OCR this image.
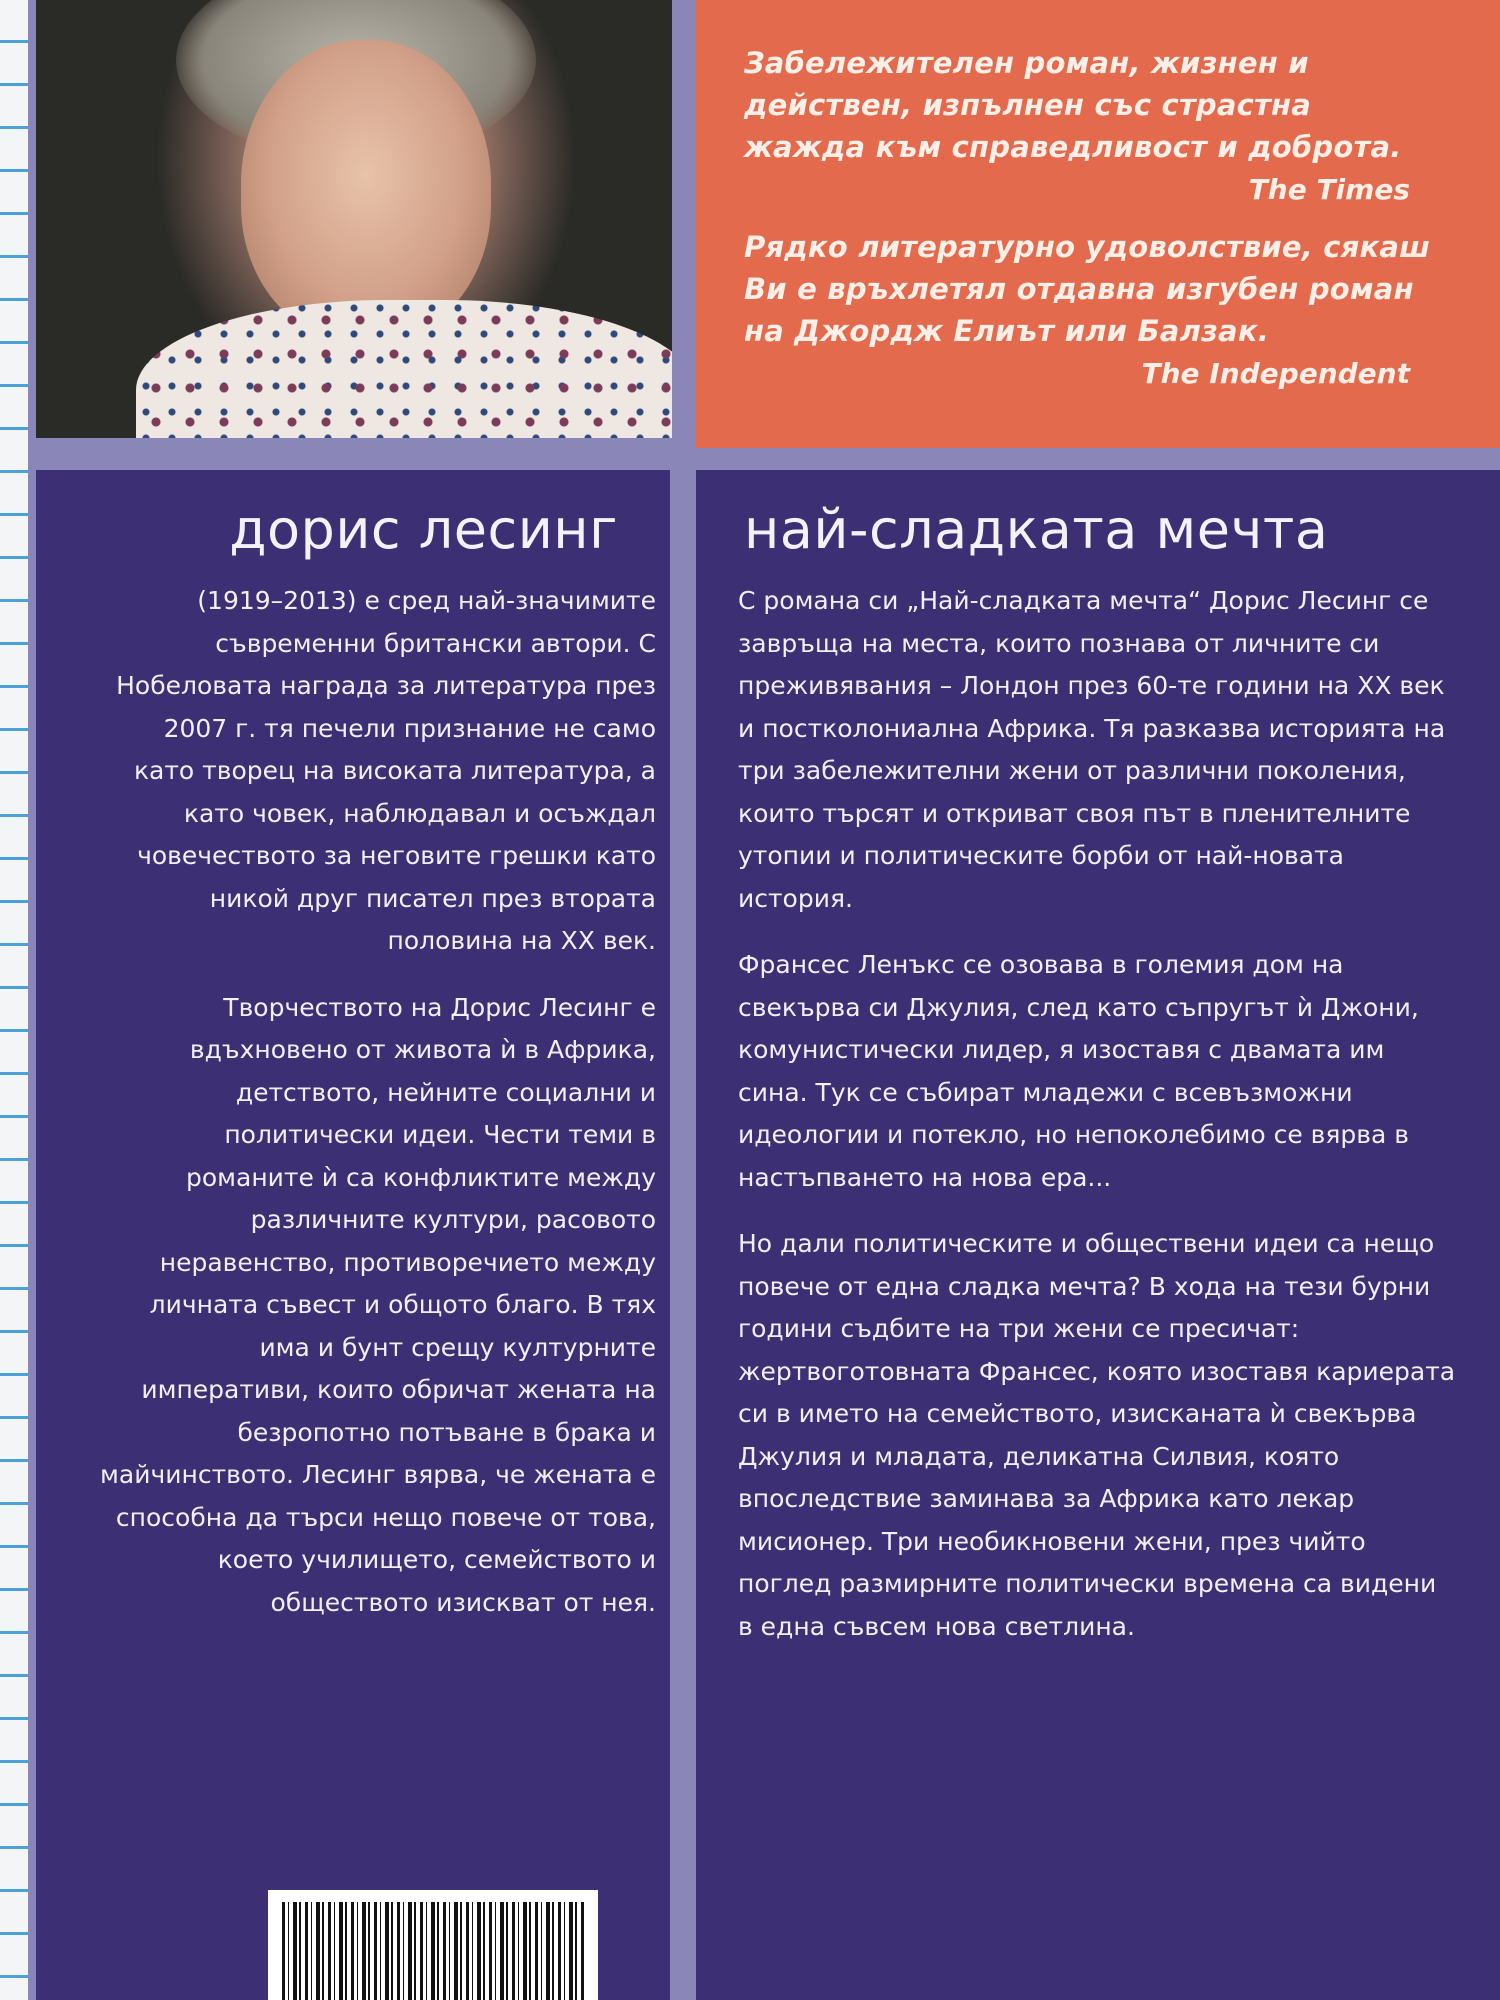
Забележителен роман, жизнен и действен, изпълнен със страстна жажда към справедливост и доброта.
The Times
Рядко литературно удоволствие, сякаш Ви е връхлетял отдавна изгубен роман на Джордж Елиът или Балзак.
The Independent
дорис лесинг

(1919–2013) е сред най-значимите съвременни британски автори. С Нобеловата награда за литература през 2007 г. тя печели признание не само като творец на високата литература, а като човек, наблюдавал и осъждал човечеството за неговите грешки като никой друг писател през втората половина на XX век.

Творчеството на Дорис Лесинг е вдъхновено от живота ѝ в Африка, детството, нейните социални и политически идеи. Чести теми в романите ѝ са конфликтите между различните култури, расовото неравенство, противоречието между личната съвест и общото благо. В тях има и бунт срещу културните императиви, които обричат жената на безропотно потъване в брака и майчинството. Лесинг вярва, че жената е способна да търси нещо повече от това, което училището, семейството и обществото изискват от нея.

най-сладката мечта

С романа си „Най-сладката мечта“ Дорис Лесинг се завръща на места, които познава от личните си преживявания – Лондон през 60-те години на XX век и постколониална Африка. Тя разказва историята на три забележителни жени от различни поколения, които търсят и откриват своя път в пленителните утопии и политическите борби от най-новата история.

Франсес Ленъкс се озовава в големия дом на свекърва си Джулия, след като съпругът ѝ Джони, комунистически лидер, я изоставя с двамата им сина. Тук се събират младежи с всевъзможни идеологии и потекло, но непоколебимо се вярва в настъпването на нова ера...

Но дали политическите и обществени идеи са нещо повече от една сладка мечта? В хода на тези бурни години съдбите на три жени се пресичат: жертвоготовната Франсес, която изоставя кариерата си в името на семейството, изисканата ѝ свекърва Джулия и младата, деликатна Силвия, която впоследствие заминава за Африка като лекар мисионер. Три необикновени жени, през чийто поглед размирните политически времена са видени в една съвсем нова светлина.
